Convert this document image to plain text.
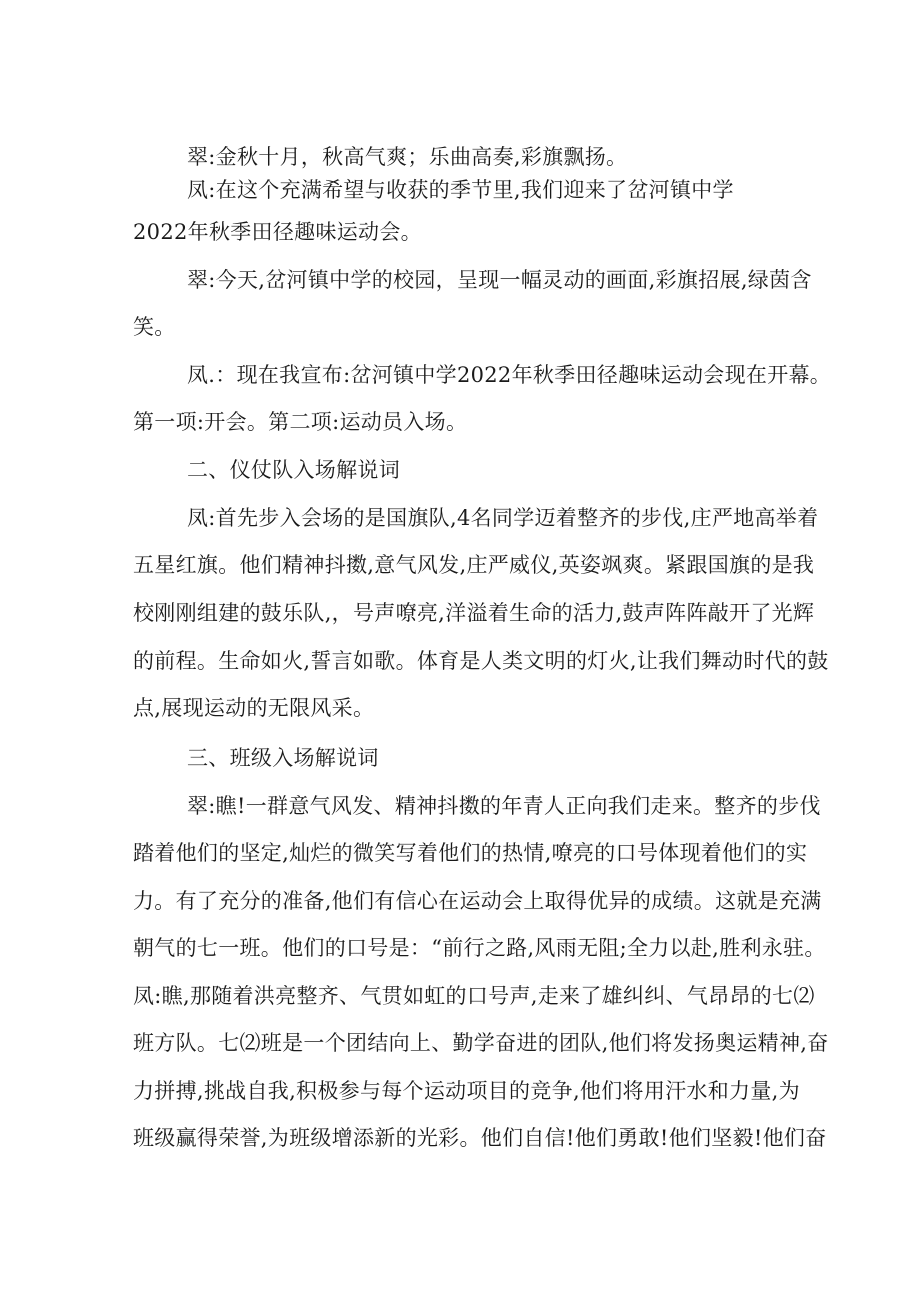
翠:金秋十月，秋高气爽；乐曲高奏,彩旗飘扬。
凤:在这个充满希望与收获的季节里,我们迎来了岔河镇中学
2022年秋季田径趣味运动会。
翠:今天,岔河镇中学的校园，呈现一幅灵动的画面,彩旗招展,绿茵含
笑。
凤.：现在我宣布:岔河镇中学2022年秋季田径趣味运动会现在开幕。
第一项:开会。第二项:运动员入场。
二、仪仗队入场解说词
凤:首先步入会场的是国旗队,4名同学迈着整齐的步伐,庄严地高举着
五星红旗。他们精神抖擞,意气风发,庄严威仪,英姿飒爽。紧跟国旗的是我
校刚刚组建的鼓乐队,，号声嘹亮,洋溢着生命的活力,鼓声阵阵敲开了光辉
的前程。生命如火,誓言如歌。体育是人类文明的灯火,让我们舞动时代的鼓
点,展现运动的无限风采。
三、班级入场解说词
翠:瞧!一群意气风发、精神抖擞的年青人正向我们走来。整齐的步伐
踏着他们的坚定,灿烂的微笑写着他们的热情,嘹亮的口号体现着他们的实
力。有了充分的准备,他们有信心在运动会上取得优异的成绩。这就是充满
朝气的七一班。他们的口号是：“前行之路,风雨无阻;全力以赴,胜利永驻。
凤:瞧,那随着洪亮整齐、气贯如虹的口号声,走来了雄纠纠、气昂昂的七⑵
班方队。七⑵班是一个团结向上、勤学奋进的团队,他们将发扬奥运精神,奋
力拼搏,挑战自我,积极参与每个运动项目的竞争,他们将用汗水和力量,为
班级赢得荣誉,为班级增添新的光彩。他们自信!他们勇敢!他们坚毅!他们奋
